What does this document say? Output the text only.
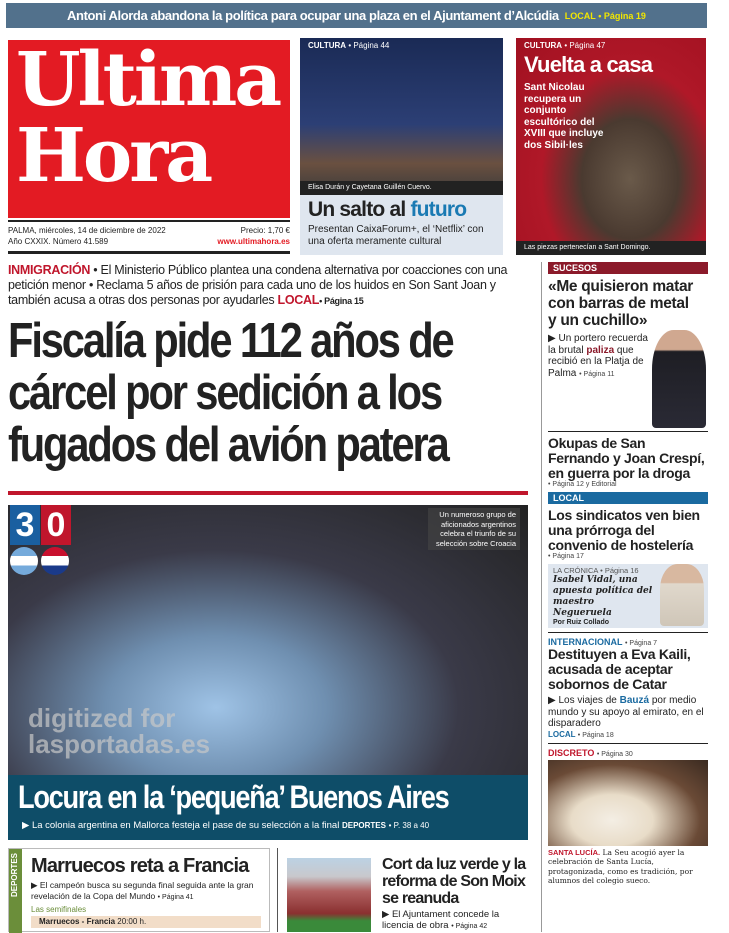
Antoni Alorda abandona la política para ocupar una plaza en el Ajuntament d’Alcúdia LOCAL • Página 19
Ultima
Hora
PALMA, miércoles, 14 de diciembre de 2022
Año CXXIX. Número 41.589
Precio: 1,70 €
www.ultimahora.es
CULTURA • Página 44
Elisa Durán y Cayetana Guillén Cuervo.
Un salto al futuro

Presentan CaixaForum+, el ‘Netflix’ con una oferta meramente cultural

CULTURA • Página 47
Vuelta a casa

Sant Nicolau recupera un conjunto escultórico del XVIII que incluye dos Sibil·les

Las piezas pertenecían a Sant Domingo.
INMIGRACIÓN • El Ministerio Público plantea una condena alternativa por coacciones con una petición menor • Reclama 5 años de prisión para cada uno de los huidos en Son Sant Joan y también acusa a otras dos personas por ayudarles LOCAL• Página 15
Fiscalía pide 112 años de cárcel por sedición a los fugados del avión patera
3 0	Un numeroso grupo de aficionados argentinos celebra el triunfo de su selección sobre Croacia
digitized for
lasportadas.es
Locura en la ‘pequeña’ Buenos Aires

▶ La colonia argentina en Mallorca festeja el pase de su selección a la final DEPORTES • P. 38 a 40

DEPORTES Marruecos reta a Francia

▶ El campeón busca su segunda final seguida ante la gran revelación de la Copa del Mundo • Página 41

Las semifinales
Marruecos - Francia 20:00 h.
Cort da luz verde y la reforma de Son Moix se reanuda

▶ El Ajuntament concede la licencia de obra • Página 42

SUCESOS
«Me quisieron matar con barras de metal y un cuchillo»
▶ Un portero recuerda la brutal paliza que recibió en la Platja de Palma • Página 11
Okupas de San Fernando y Joan Crespí, en guerra por la droga
• Página 12 y Editorial
LOCAL
Los sindicatos ven bien una prórroga del convenio de hostelería
• Página 17
LA CRÓNICA • Página 16
Isabel Vidal, una apuesta política del maestro Negueruela
Por Ruiz Collado
INTERNACIONAL • Página 7
Destituyen a Eva Kaili, acusada de aceptar sobornos de Catar
▶ Los viajes de Bauzá por medio mundo y su apoyo al emirato, en el disparadero
LOCAL • Página 18
DISCRETO • Página 30
SANTA LUCÍA. La Seu acogió ayer la celebración de Santa Lucía, protagonizada, como es tradición, por alumnos del colegio sueco.
